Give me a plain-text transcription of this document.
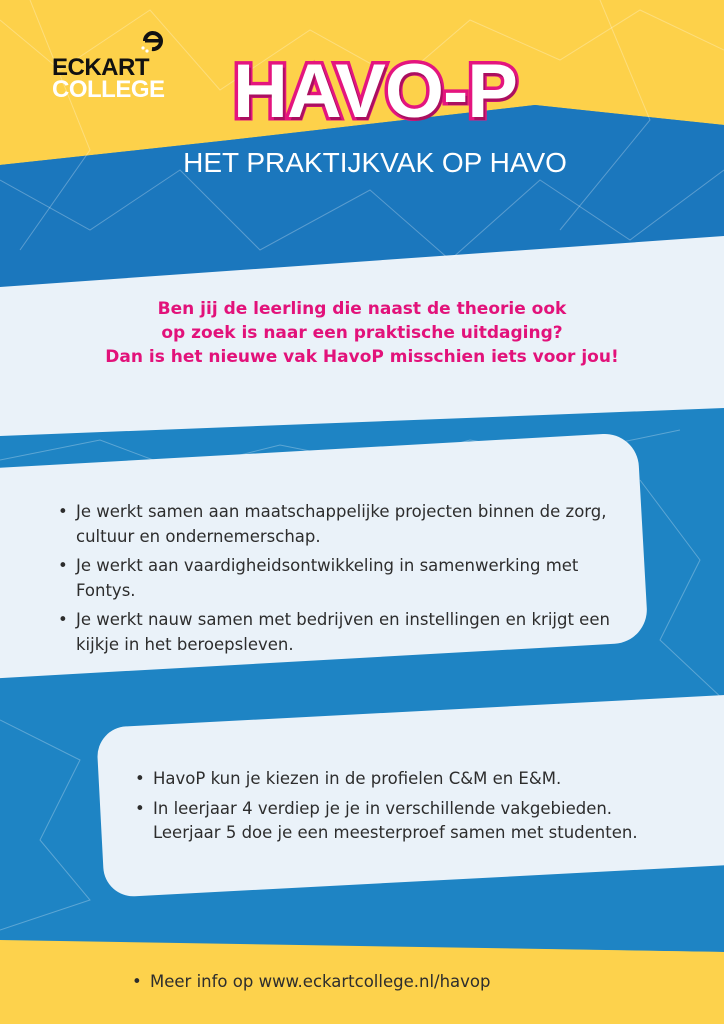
ECKART
COLLEGE HAVO-P
HET PRAKTIJKVAK OP HAVO
Ben jij de leerling die naast de theorie ook
op zoek is naar een praktische uitdaging?
Dan is het nieuwe vak HavoP misschien iets voor jou!
• Je werkt samen aan maatschappelijke projecten binnen de zorg, cultuur en ondernemerschap.
• Je werkt aan vaardigheidsontwikkeling in samenwerking met Fontys.
• Je werkt nauw samen met bedrijven en instellingen en krijgt een kijkje in het beroepsleven.
• HavoP kun je kiezen in de profielen C&M en E&M.
• In leerjaar 4 verdiep je je in verschillende vakgebieden. Leerjaar 5 doe je een meesterproef samen met studenten.
• Meer info op www.eckartcollege.nl/havop
